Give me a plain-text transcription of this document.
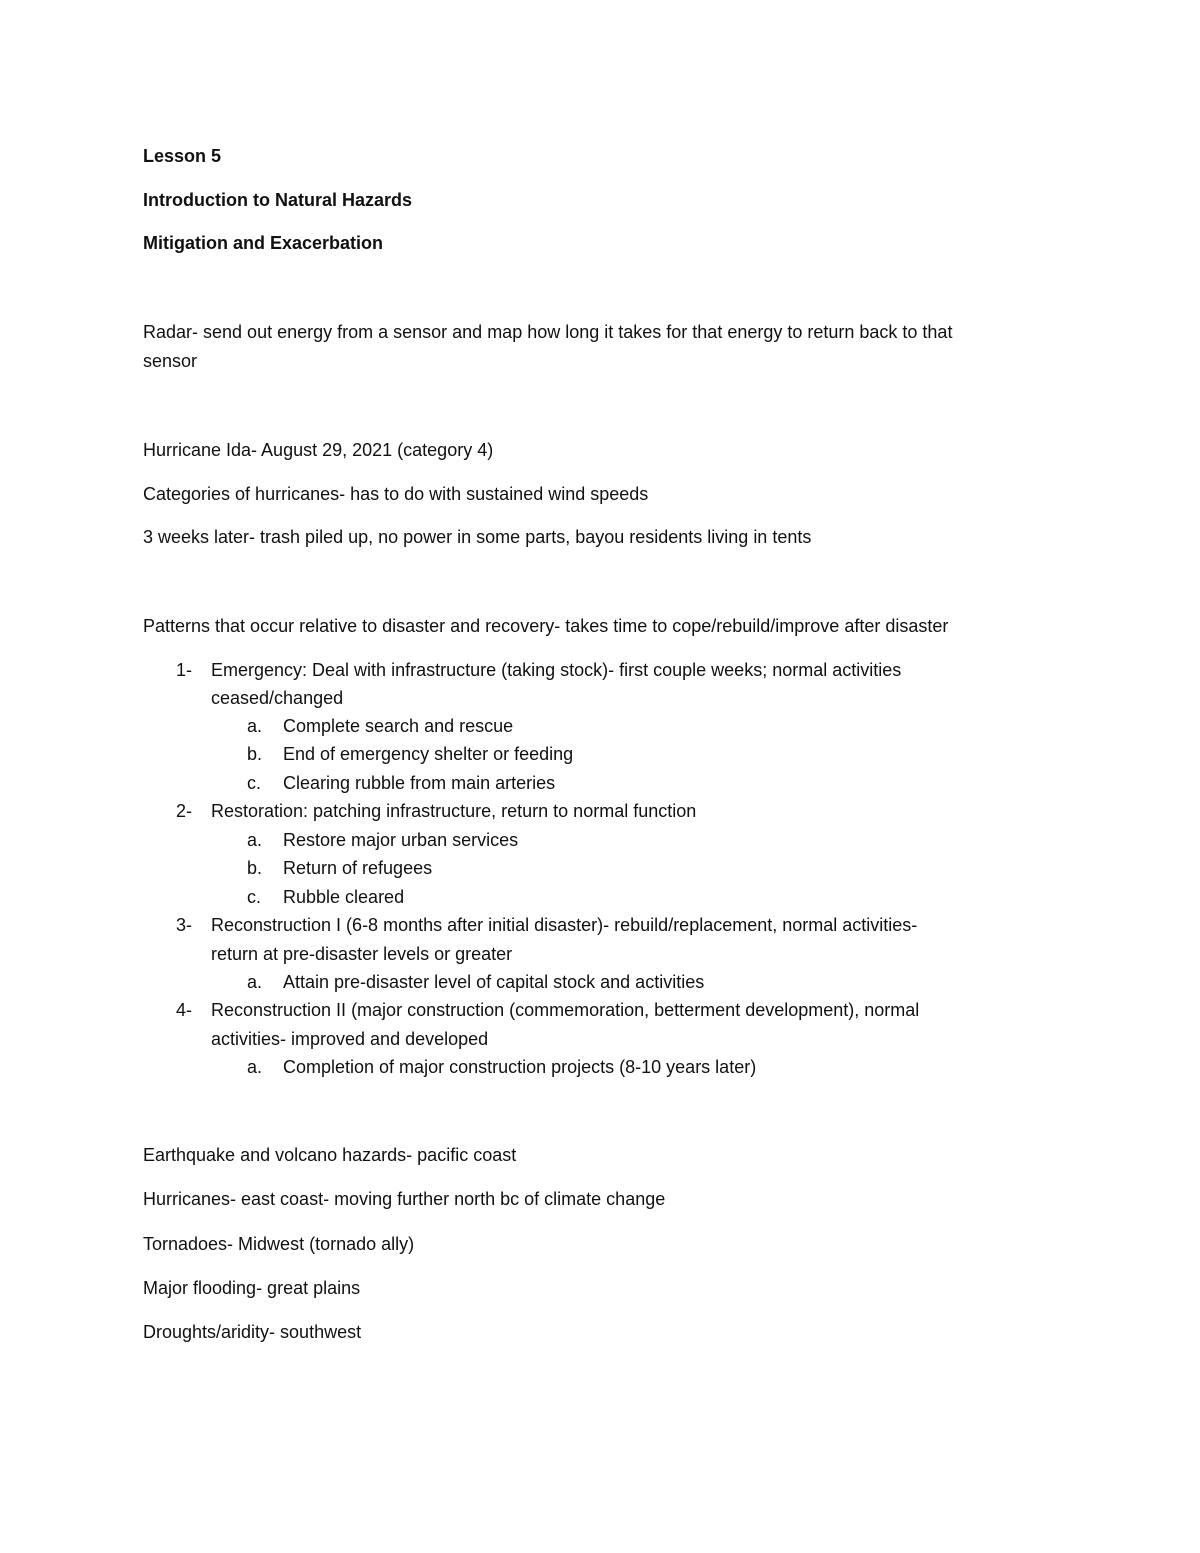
Lesson 5
Introduction to Natural Hazards
Mitigation and Exacerbation
Radar- send out energy from a sensor and map how long it takes for that energy to return back to that
sensor
Hurricane Ida- August 29, 2021 (category 4)
Categories of hurricanes- has to do with sustained wind speeds
3 weeks later- trash piled up, no power in some parts, bayou residents living in tents
Patterns that occur relative to disaster and recovery- takes time to cope/rebuild/improve after disaster
1- Emergency: Deal with infrastructure (taking stock)- first couple weeks; normal activities
ceased/changed
a. Complete search and rescue
b. End of emergency shelter or feeding
c. Clearing rubble from main arteries
2- Restoration: patching infrastructure, return to normal function
a. Restore major urban services
b. Return of refugees
c. Rubble cleared
3- Reconstruction I (6-8 months after initial disaster)- rebuild/replacement, normal activities-
return at pre-disaster levels or greater
a. Attain pre-disaster level of capital stock and activities
4- Reconstruction II (major construction (commemoration, betterment development), normal
activities- improved and developed
a. Completion of major construction projects (8-10 years later)
Earthquake and volcano hazards- pacific coast
Hurricanes- east coast- moving further north bc of climate change
Tornadoes- Midwest (tornado ally)
Major flooding- great plains
Droughts/aridity- southwest
